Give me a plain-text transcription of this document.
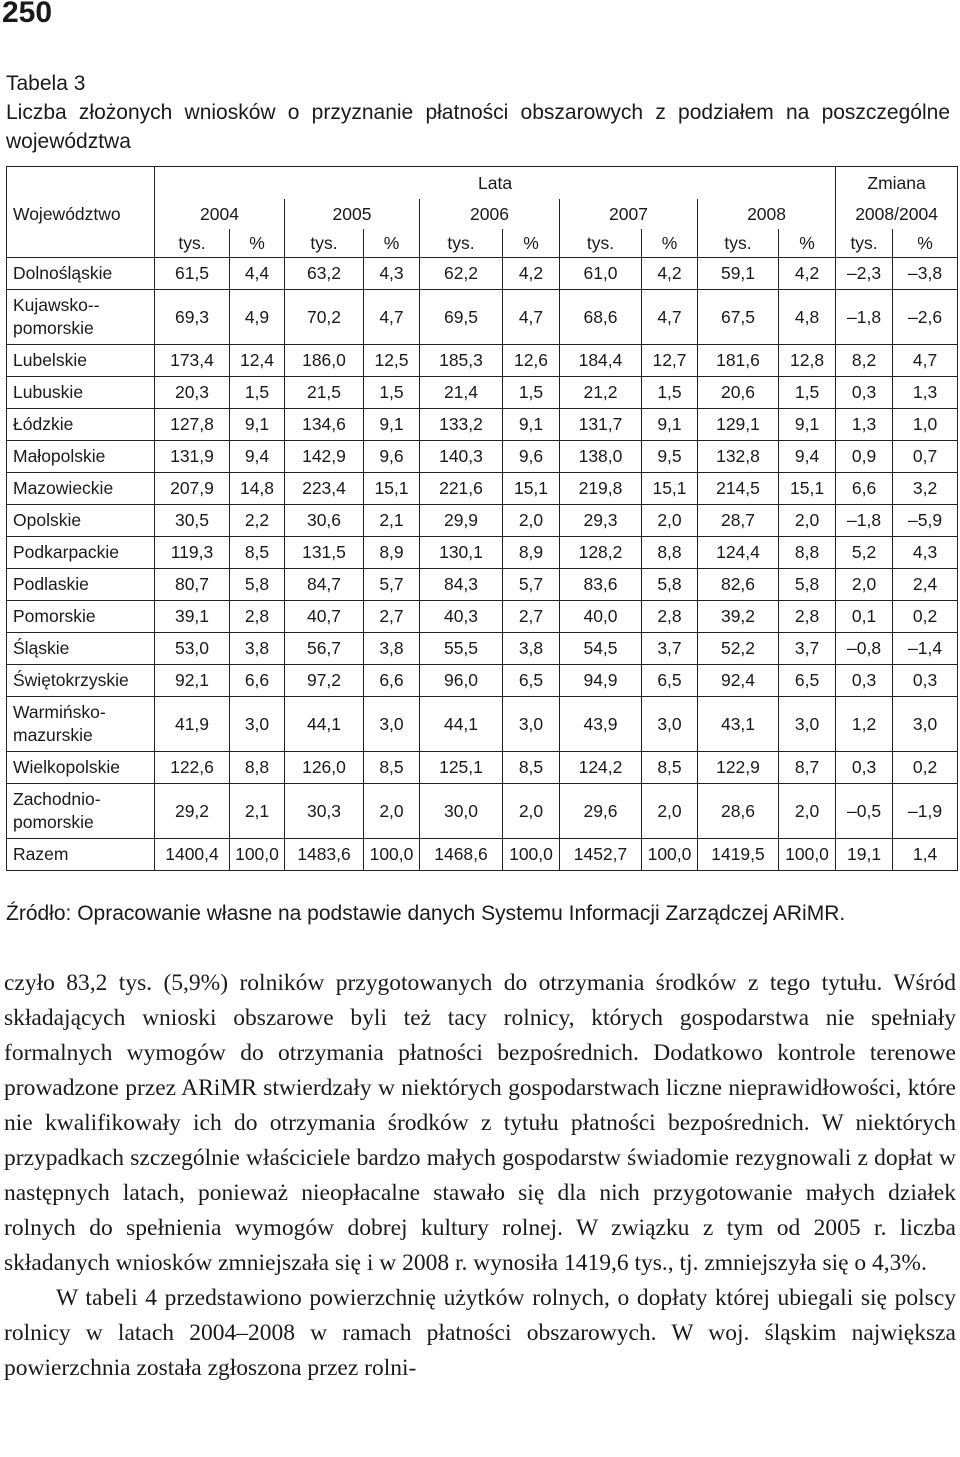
250
Tabela 3
Liczba złożonych wniosków o przyznanie płatności obszarowych z podziałem na poszczególne województwa
	Lata										Zmiana	
Województwo	2004		2005		2006		2007		2008		2008/2004	
	tys.	%	tys.	%	tys.	%	tys.	%	tys.	%	tys.	%
Dolnośląskie	61,5	4,4	63,2	4,3	62,2	4,2	61,0	4,2	59,1	4,2	–2,3	–3,8
Kujawsko--pomorskie	69,3	4,9	70,2	4,7	69,5	4,7	68,6	4,7	67,5	4,8	–1,8	–2,6
Lubelskie	173,4	12,4	186,0	12,5	185,3	12,6	184,4	12,7	181,6	12,8	8,2	4,7
Lubuskie	20,3	1,5	21,5	1,5	21,4	1,5	21,2	1,5	20,6	1,5	0,3	1,3
Łódzkie	127,8	9,1	134,6	9,1	133,2	9,1	131,7	9,1	129,1	9,1	1,3	1,0
Małopolskie	131,9	9,4	142,9	9,6	140,3	9,6	138,0	9,5	132,8	9,4	0,9	0,7
Mazowieckie	207,9	14,8	223,4	15,1	221,6	15,1	219,8	15,1	214,5	15,1	6,6	3,2
Opolskie	30,5	2,2	30,6	2,1	29,9	2,0	29,3	2,0	28,7	2,0	–1,8	–5,9
Podkarpackie	119,3	8,5	131,5	8,9	130,1	8,9	128,2	8,8	124,4	8,8	5,2	4,3
Podlaskie	80,7	5,8	84,7	5,7	84,3	5,7	83,6	5,8	82,6	5,8	2,0	2,4
Pomorskie	39,1	2,8	40,7	2,7	40,3	2,7	40,0	2,8	39,2	2,8	0,1	0,2
Śląskie	53,0	3,8	56,7	3,8	55,5	3,8	54,5	3,7	52,2	3,7	–0,8	–1,4
Świętokrzyskie	92,1	6,6	97,2	6,6	96,0	6,5	94,9	6,5	92,4	6,5	0,3	0,3
Warmińsko-mazurskie	41,9	3,0	44,1	3,0	44,1	3,0	43,9	3,0	43,1	3,0	1,2	3,0
Wielkopolskie	122,6	8,8	126,0	8,5	125,1	8,5	124,2	8,5	122,9	8,7	0,3	0,2
Zachodnio-pomorskie	29,2	2,1	30,3	2,0	30,0	2,0	29,6	2,0	28,6	2,0	–0,5	–1,9
Razem	1400,4	100,0	1483,6	100,0	1468,6	100,0	1452,7	100,0	1419,5	100,0	19,1	1,4
Źródło: Opracowanie własne na podstawie danych Systemu Informacji Zarządczej ARiMR.

czyło 83,2 tys. (5,9%) rolników przygotowanych do otrzymania środków z tego tytułu. Wśród składających wnioski obszarowe byli też tacy rolnicy, których gospodarstwa nie spełniały formalnych wymogów do otrzymania płatności bezpośrednich. Dodatkowo kontrole terenowe prowadzone przez ARiMR stwierdzały w niektórych gospodarstwach liczne nieprawidłowości, które nie kwalifikowały ich do otrzymania środków z tytułu płatności bezpośrednich. W niektórych przypadkach szczególnie właściciele bardzo małych gospodarstw świadomie rezygnowali z dopłat w następnych latach, ponieważ nieopłacalne stawało się dla nich przygotowanie małych działek rolnych do spełnienia wymogów dobrej kultury rolnej. W związku z tym od 2005 r. liczba składanych wniosków zmniejszała się i w 2008 r. wynosiła 1419,6 tys., tj. zmniejszyła się o 4,3%.

W tabeli 4 przedstawiono powierzchnię użytków rolnych, o dopłaty której ubiegali się polscy rolnicy w latach 2004–2008 w ramach płatności obszarowych. W woj. śląskim największa powierzchnia została zgłoszona przez rolni-
